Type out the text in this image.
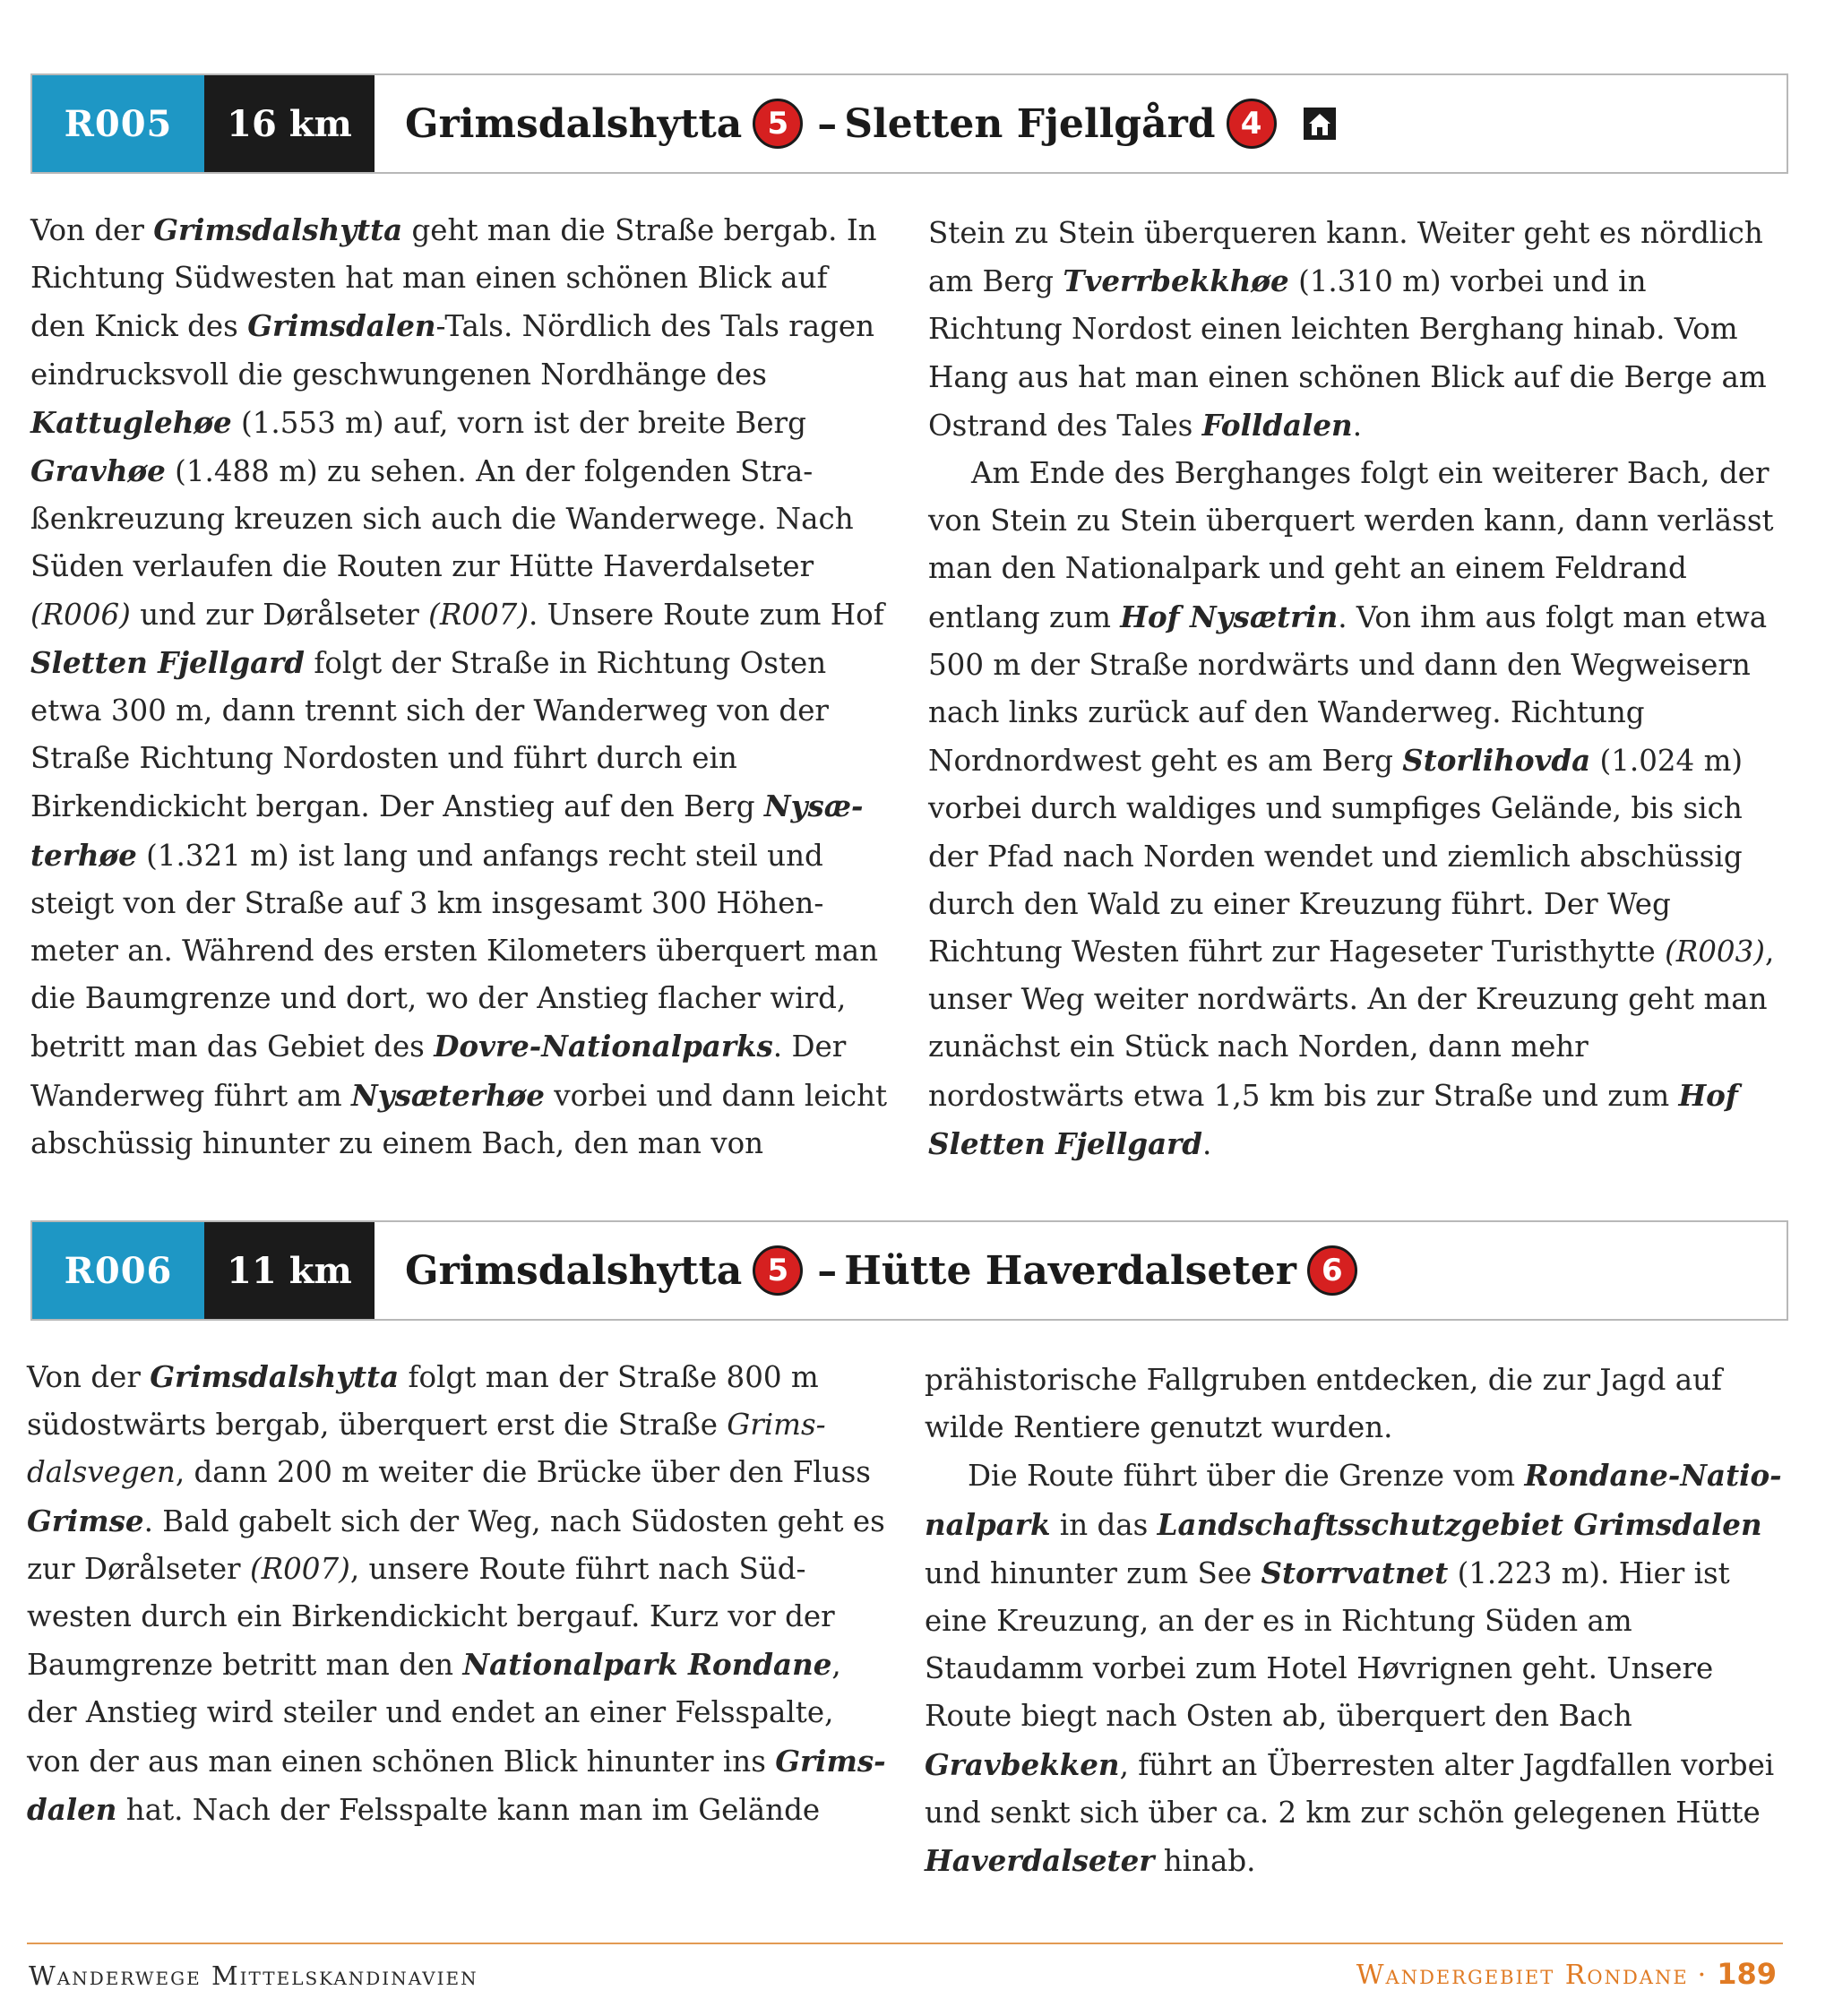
R005	16 km	Grimsdalshytta 5 – Sletten Fjellgård 4

Von der Grimsdalshytta geht man die Straße bergab. In Richtung Südwesten hat man einen schönen Blick auf den Knick des Grimsdalen-Tals. Nördlich des Tals ragen eindrucksvoll die geschwungenen Nordhänge des Kattuglehøe (1.553 m) auf, vorn ist der breite Berg Gravhøe (1.488 m) zu sehen. An der folgenden Straßenkreuzung kreuzen sich auch die Wanderwege. Nach Süden verlaufen die Routen zur Hütte Haverdalseter (R006) und zur Dørålseter (R007). Unsere Route zum Hof Sletten Fjellgard folgt der Straße in Richtung Osten etwa 300 m, dann trennt sich der Wanderweg von der Straße Richtung Nordosten und führt durch ein Birkendickicht bergan. Der Anstieg auf den Berg Nysæterhøe (1.321 m) ist lang und anfangs recht steil und steigt von der Straße auf 3 km insgesamt 300 Höhenmeter an. Während des ersten Kilometers überquert man die Baumgrenze und dort, wo der Anstieg flacher wird, betritt man das Gebiet des Dovre-Nationalparks. Der Wanderweg führt am Nysæterhøe vorbei und dann leicht abschüssig hinunter zu einem Bach, den man von

Stein zu Stein überqueren kann. Weiter geht es nördlich am Berg Tverrbekkhøe (1.310 m) vorbei und in Richtung Nordost einen leichten Berghang hinab. Vom Hang aus hat man einen schönen Blick auf die Berge am Ostrand des Tales Folldalen.

Am Ende des Berghanges folgt ein weiterer Bach, der von Stein zu Stein überquert werden kann, dann verlässt man den Nationalpark und geht an einem Feldrand entlang zum Hof Nysætrin. Von ihm aus folgt man etwa 500 m der Straße nordwärts und dann den Wegweisern nach links zurück auf den Wanderweg. Richtung Nordnordwest geht es am Berg Storlihovda (1.024 m) vorbei durch waldiges und sumpfiges Gelände, bis sich der Pfad nach Norden wendet und ziemlich abschüssig durch den Wald zu einer Kreuzung führt. Der Weg Richtung Westen führt zur Hageseter Turisthytte (R003), unser Weg weiter nordwärts. An der Kreuzung geht man zunächst ein Stück nach Norden, dann mehr nordostwärts etwa 1,5 km bis zur Straße und zum Hof Sletten Fjellgard.

R006	11 km	Grimsdalshytta 5 – Hütte Haverdalseter 6

Von der Grimsdalshytta folgt man der Straße 800 m südostwärts bergab, überquert erst die Straße Grimsdalsvegen, dann 200 m weiter die Brücke über den Fluss Grimse. Bald gabelt sich der Weg, nach Südosten geht es zur Dørålseter (R007), unsere Route führt nach Südwesten durch ein Birkendickicht bergauf. Kurz vor der Baumgrenze betritt man den Nationalpark Rondane, der Anstieg wird steiler und endet an einer Felsspalte, von der aus man einen schönen Blick hinunter ins Grimsdalen hat. Nach der Felsspalte kann man im Gelände

prähistorische Fallgruben entdecken, die zur Jagd auf wilde Rentiere genutzt wurden.

Die Route führt über die Grenze vom Rondane-Nationalpark in das Landschaftsschutzgebiet Grimsdalen und hinunter zum See Storrvatnet (1.223 m). Hier ist eine Kreuzung, an der es in Richtung Süden am Staudamm vorbei zum Hotel Høvrignen geht. Unsere Route biegt nach Osten ab, überquert den Bach Gravbekken, führt an Überresten alter Jagdfallen vorbei und senkt sich über ca. 2 km zur schön gelegenen Hütte Haverdalseter hinab.

Wanderwege Mittelskandinavien	Wandergebiet Rondane · 189
